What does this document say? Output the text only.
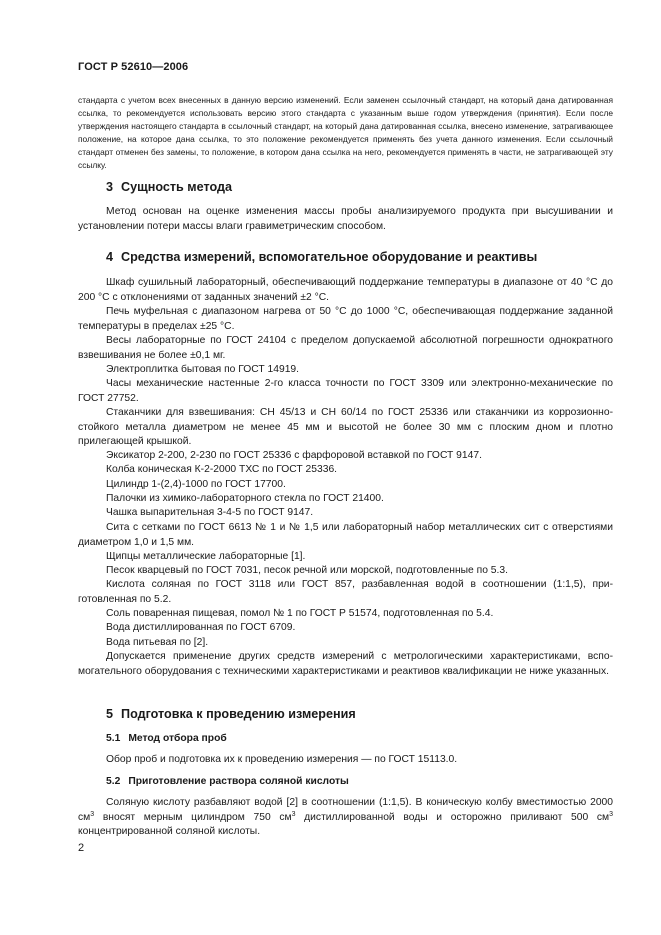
ГОСТ Р 52610—2006
стандарта с учетом всех внесенных в данную версию изменений. Если заменен ссылочный стандарт, на который дана датированная ссылка, то рекомендуется использовать версию этого стандарта с указанным выше годом утверждения (принятия). Если после утверждения настоящего стандарта в ссылочный стандарт, на который дана датированная ссылка, внесено изменение, затрагивающее положение, на которое дана ссылка, то это положение рекомендуется применять без учета данного изменения. Если ссылочный стандарт отменен без замены, то положение, в котором дана ссылка на него, рекомендуется применять в части, не затрагивающей эту ссылку.
3 Сущность метода
Метод основан на оценке изменения массы пробы анализируемого продукта при высушивании и установлении потери массы влаги гравиметрическим способом.
4 Средства измерений, вспомогательное оборудование и реактивы
Шкаф сушильный лабораторный, обеспечивающий поддержание температуры в диапазоне от 40 °С до 200 °С с отклонениями от заданных значений ±2 °С.
Печь муфельная с диапазоном нагрева от 50 °С до 1000 °С, обеспечивающая поддержание заданной температуры в пределах ±25 °С.
Весы лабораторные по ГОСТ 24104 с пределом допускаемой абсолютной погрешности однократного взвешивания не более ±0,1 мг.
Электроплитка бытовая по ГОСТ 14919.
Часы механические настенные 2-го класса точности по ГОСТ 3309 или электронно-механические по ГОСТ 27752.
Стаканчики для взвешивания: СН 45/13 и СН 60/14 по ГОСТ 25336 или стаканчики из коррозионно-стойкого металла диаметром не менее 45 мм и высотой не более 30 мм с плоским дном и плотно прилегающей крышкой.
Эксикатор 2-200, 2-230 по ГОСТ 25336 с фарфоровой вставкой по ГОСТ 9147.
Колба коническая К-2-2000 ТХС по ГОСТ 25336.
Цилиндр 1-(2,4)-1000 по ГОСТ 17700.
Палочки из химико-лабораторного стекла по ГОСТ 21400.
Чашка выпарительная 3-4-5 по ГОСТ 9147.
Сита с сетками по ГОСТ 6613 № 1 и № 1,5 или лабораторный набор металлических сит с отверстиями диаметром 1,0 и 1,5 мм.
Щипцы металлические лабораторные [1].
Песок кварцевый по ГОСТ 7031, песок речной или морской, подготовленные по 5.3.
Кислота соляная по ГОСТ 3118 или ГОСТ 857, разбавленная водой в соотношении (1:1,5), приготовленная по 5.2.
Соль поваренная пищевая, помол № 1 по ГОСТ Р 51574, подготовленная по 5.4.
Вода дистиллированная по ГОСТ 6709.
Вода питьевая по [2].
Допускается применение других средств измерений с метрологическими характеристиками, вспомогательного оборудования с техническими характеристиками и реактивов квалификации не ниже указанных.
5 Подготовка к проведению измерения
5.1 Метод отбора проб
Обор проб и подготовка их к проведению измерения — по ГОСТ 15113.0.
5.2 Приготовление раствора соляной кислоты
Соляную кислоту разбавляют водой [2] в соотношении (1:1,5). В коническую колбу вместимостью 2000 $см^3$ вносят мерным цилиндром 750 $см^3$ дистиллированной воды и осторожно приливают 500 $см^3$ концентрированной соляной кислоты.
2
